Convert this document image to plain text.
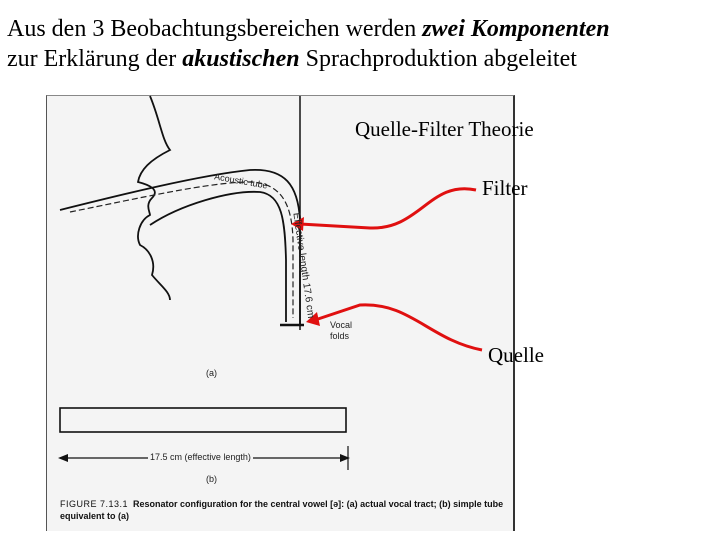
Aus den 3 Beobachtungsbereichen werden zwei Komponenten
zur Erklärung der akustischen Sprachproduktion abgeleitet
Acoustic tube
Effective length 17.6 cm
Vocal
folds
(a)
17.5 cm (effective length)
(b)
FIGURE 7.13.1 Resonator configuration for the central vowel [ǝ]: (a) actual vocal tract; (b) simple tube equivalent to (a)
Quelle-Filter Theorie
Filter
Quelle
